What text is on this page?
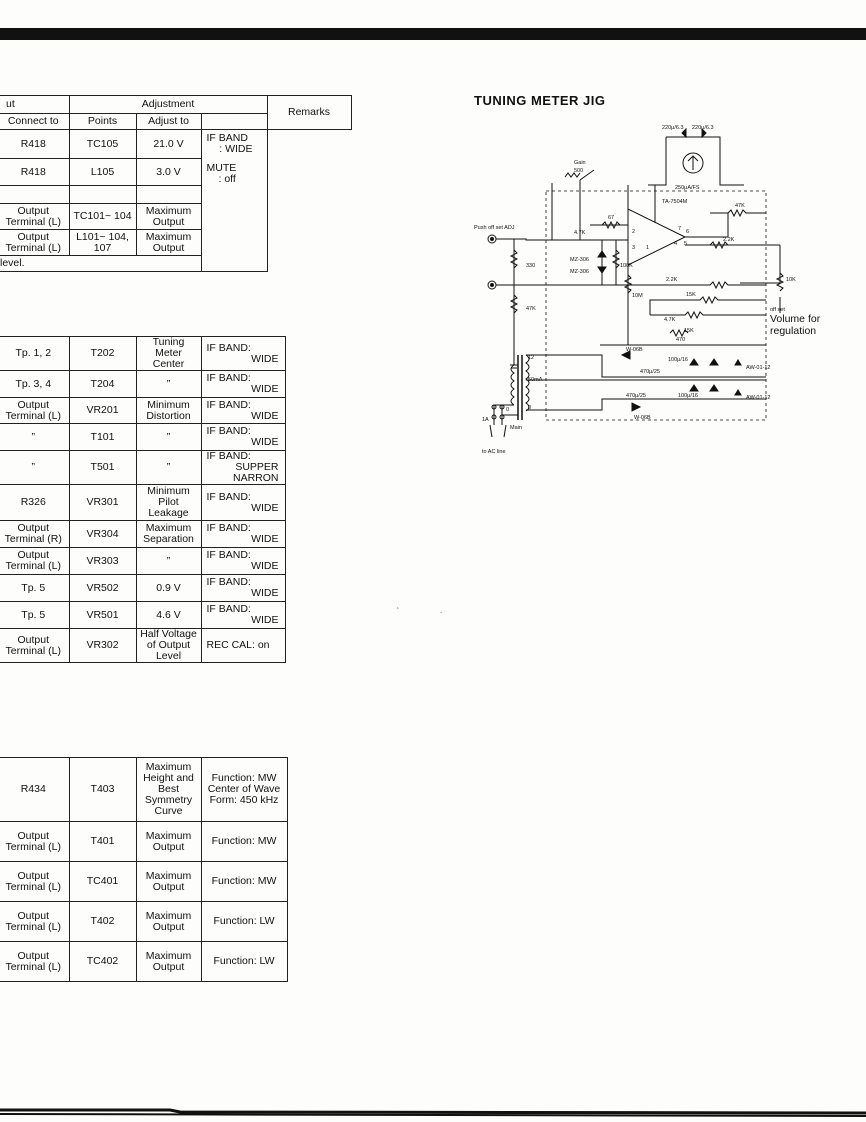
ut	Adjustment			Remarks
Connect to	Points	Adjust to		
R418	TC105	21.0 V	IF BAND
: WIDE
MUTE
: off	

R418	L105	3.0 V		

Output Terminal (L)	TC101~ 104	Maximum Output		
Output Terminal (L)	L101~ 104, 107	Maximum Output		
level.				
Tp. 1, 2	T202	Tuning Meter Center	IF BAND:
WIDE

Tp. 3, 4	T204	”	IF BAND:
WIDE

Output Terminal (L)	VR201	Minimum Distortion	IF BAND:
WIDE

”	T101	”	IF BAND:
WIDE

”	T501	”	IF BAND:
SUPPER
NARRON

R326	VR301	Minimum Pilot Leakage	IF BAND:
WIDE

Output Terminal (R)	VR304	Maximum Separation	IF BAND:
WIDE

Output Terminal (L)	VR303	”	IF BAND:
WIDE

Tp. 5	VR502	0.9 V	IF BAND:
WIDE

Tp. 5	VR501	4.6 V	IF BAND:
WIDE

Output Terminal (L)	VR302	Half Voltage of Output Level	REC CAL: on
R434	T403	Maximum Height and Best Symmetry Curve	Function: MW Center of Wave Form: 450 kHz
Output Terminal (L)	T401	Maximum Output	Function: MW
Output Terminal (L)	TC401	Maximum Output	Function: MW
Output Terminal (L)	T402	Maximum Output	Function: LW
Output Terminal (L)	TC402	Maximum Output	Function: LW
TUNING METER JIG
220μ/6.3 220μ/6.3
250μA/FS
Gain
500
TA-7504M
67
47K
4.7K
2.2K
2.2K	10K
15K
15K
4.7K
470
10M
100K
330
47K
MZ-306
MZ-306
Push off set ADJ
2
3 1
7 6
4 5
off set
W-06B
W-06B
100μ/16
100μ/16
470μ/25
470μ/25
AW-01-12
AW-01-12
12
0
0
50mA
1A
Main
to AC line
Volume for
regulation
‘	.
